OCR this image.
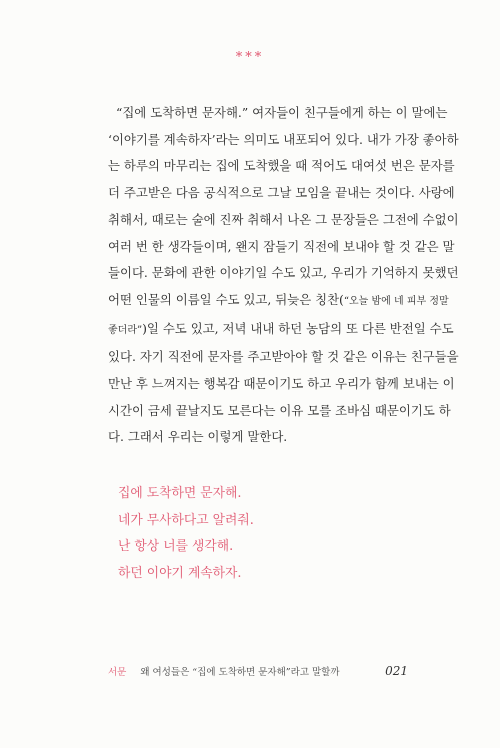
***
“집에 도착하면 문자해.” 여자들이 친구들에게 하는 이 말에는
‘이야기를 계속하자’라는 의미도 내포되어 있다. 내가 가장 좋아하
는 하루의 마무리는 집에 도착했을 때 적어도 대여섯 번은 문자를
더 주고받은 다음 공식적으로 그날 모임을 끝내는 것이다. 사랑에
취해서, 때로는 술에 진짜 취해서 나온 그 문장들은 그전에 수없이
여러 번 한 생각들이며, 왠지 잠들기 직전에 보내야 할 것 같은 말
들이다. 문화에 관한 이야기일 수도 있고, 우리가 기억하지 못했던
어떤 인물의 이름일 수도 있고, 뒤늦은 칭찬(“오늘 밤에 네 피부 정말
좋더라”)일 수도 있고, 저녁 내내 하던 농담의 또 다른 반전일 수도
있다. 자기 직전에 문자를 주고받아야 할 것 같은 이유는 친구들을
만난 후 느껴지는 행복감 때문이기도 하고 우리가 함께 보내는 이
시간이 금세 끝날지도 모른다는 이유 모를 조바심 때문이기도 하
다. 그래서 우리는 이렇게 말한다.
집에 도착하면 문자해.
네가 무사하다고 알려줘.
난 항상 너를 생각해.
하던 이야기 계속하자.
서문 왜 여성들은 “집에 도착하면 문자해”라고 말할까	021
